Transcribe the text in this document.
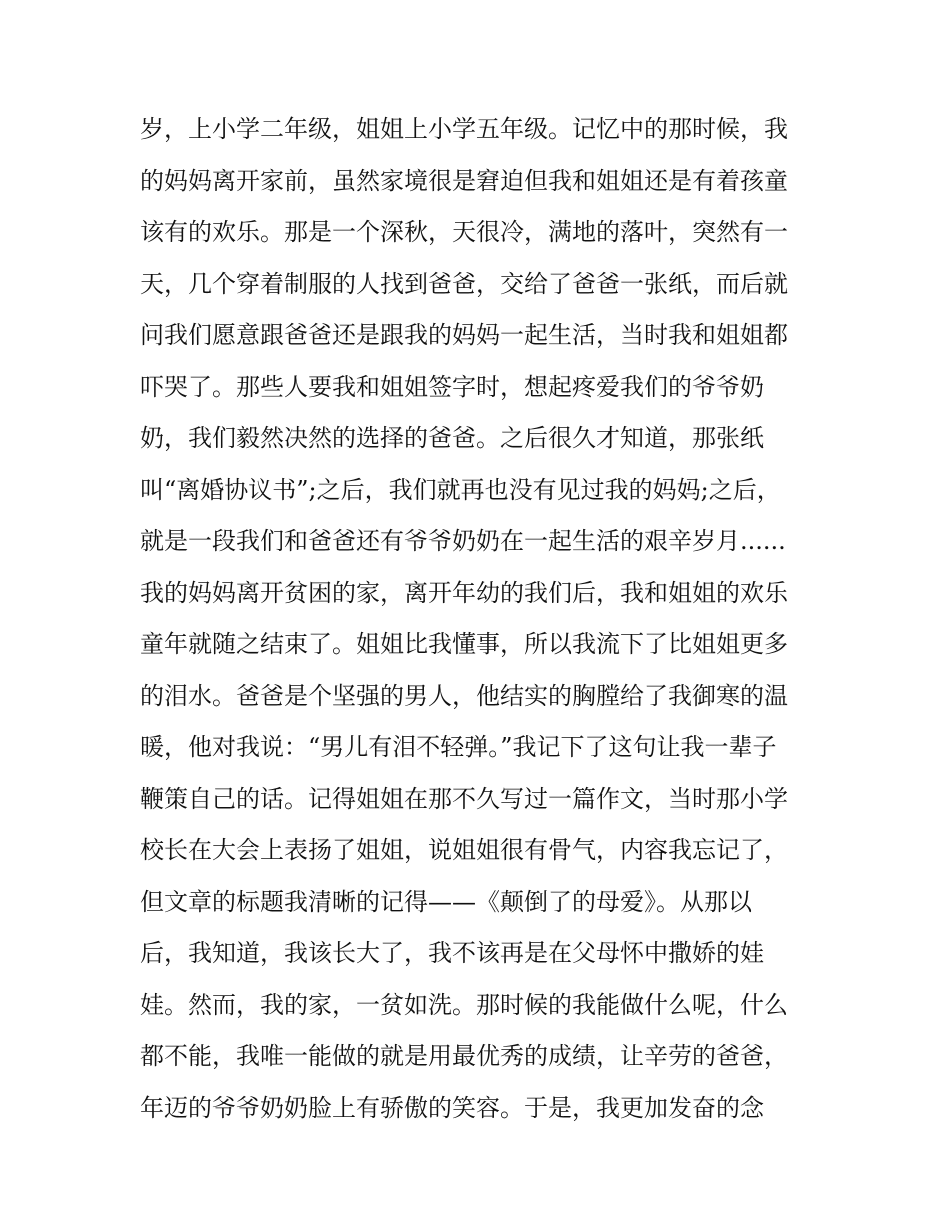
岁，上小学二年级，姐姐上小学五年级。记忆中的那时候，我
的妈妈离开家前，虽然家境很是窘迫但我和姐姐还是有着孩童
该有的欢乐。那是一个深秋，天很冷，满地的落叶，突然有一
天，几个穿着制服的人找到爸爸，交给了爸爸一张纸，而后就
问我们愿意跟爸爸还是跟我的妈妈一起生活，当时我和姐姐都
吓哭了。那些人要我和姐姐签字时，想起疼爱我们的爷爷奶
奶，我们毅然决然的选择的爸爸。之后很久才知道，那张纸
叫“离婚协议书”;之后，我们就再也没有见过我的妈妈;之后，
就是一段我们和爸爸还有爷爷奶奶在一起生活的艰辛岁月......
我的妈妈离开贫困的家，离开年幼的我们后，我和姐姐的欢乐
童年就随之结束了。姐姐比我懂事，所以我流下了比姐姐更多
的泪水。爸爸是个坚强的男人，他结实的胸膛给了我御寒的温
暖，他对我说：“男儿有泪不轻弹。”我记下了这句让我一辈子
鞭策自己的话。记得姐姐在那不久写过一篇作文，当时那小学
校长在大会上表扬了姐姐，说姐姐很有骨气，内容我忘记了，
但文章的标题我清晰的记得——《颠倒了的母爱》。从那以
后，我知道，我该长大了，我不该再是在父母怀中撒娇的娃
娃。然而，我的家，一贫如洗。那时候的我能做什么呢，什么
都不能，我唯一能做的就是用最优秀的成绩，让辛劳的爸爸，
年迈的爷爷奶奶脸上有骄傲的笑容。于是，我更加发奋的念
